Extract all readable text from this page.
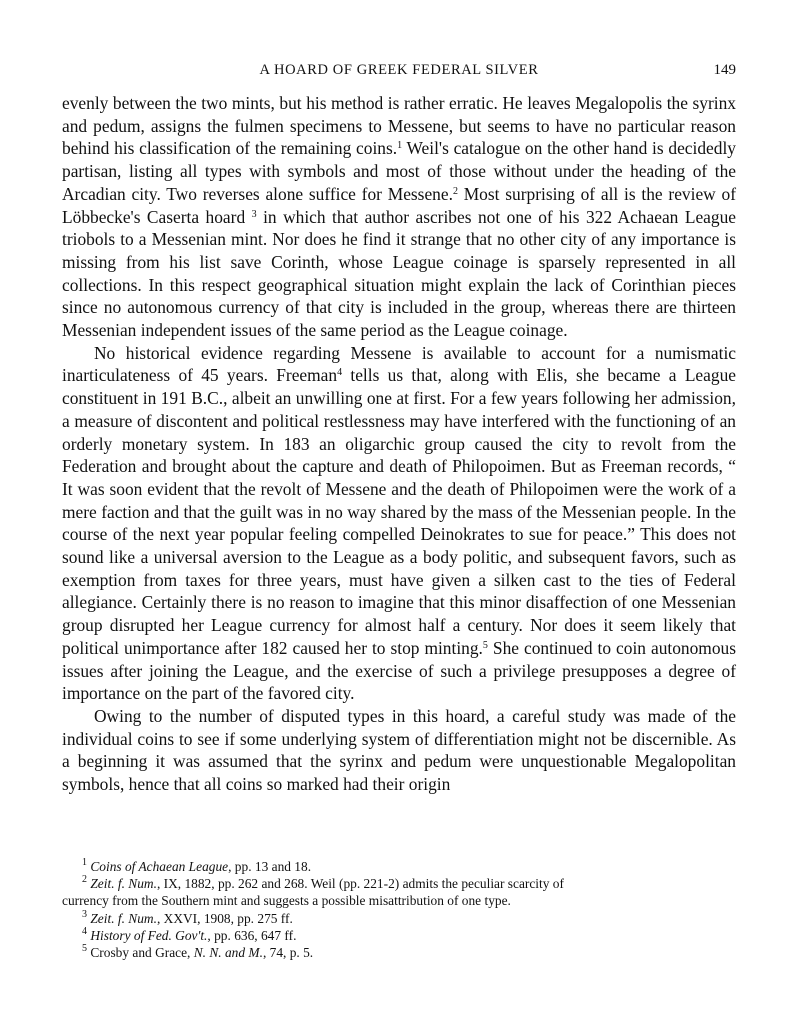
A HOARD OF GREEK FEDERAL SILVER	149

evenly between the two mints, but his method is rather erratic. He leaves Megalopolis the syrinx and pedum, assigns the fulmen specimens to Messene, but seems to have no particular reason behind his classification of the remaining coins.$^1$ Weil's catalogue on the other hand is decidedly partisan, listing all types with symbols and most of those without under the heading of the Arcadian city. Two reverses alone suffice for Messene.$^2$ Most surprising of all is the review of Löbbecke's Caserta hoard $^3$ in which that author ascribes not one of his 322 Achaean League triobols to a Messenian mint. Nor does he find it strange that no other city of any importance is missing from his list save Corinth, whose League coinage is sparsely represented in all collections. In this respect geographical situation might explain the lack of Corinthian pieces since no autonomous currency of that city is included in the group, whereas there are thirteen Messenian independent issues of the same period as the League coinage.

No historical evidence regarding Messene is available to account for a numismatic inarticulateness of 45 years. Freeman$^4$ tells us that, along with Elis, she became a League constituent in 191 B.C., albeit an unwilling one at first. For a few years following her admission, a measure of discontent and political restlessness may have interfered with the functioning of an orderly monetary system. In 183 an oligarchic group caused the city to revolt from the Federation and brought about the capture and death of Philopoimen. But as Freeman records, “ It was soon evident that the revolt of Messene and the death of Philopoimen were the work of a mere faction and that the guilt was in no way shared by the mass of the Messenian people. In the course of the next year popular feeling compelled Deinokrates to sue for peace.” This does not sound like a universal aversion to the League as a body politic, and subsequent favors, such as exemption from taxes for three years, must have given a silken cast to the ties of Federal allegiance. Certainly there is no reason to imagine that this minor disaffection of one Messenian group disrupted her League currency for almost half a century. Nor does it seem likely that political unimportance after 182 caused her to stop minting.$^5$ She continued to coin autonomous issues after joining the League, and the exercise of such a privilege presupposes a degree of importance on the part of the favored city.

Owing to the number of disputed types in this hoard, a careful study was made of the individual coins to see if some underlying system of differentiation might not be discernible. As a beginning it was assumed that the syrinx and pedum were unquestionable Megalopolitan symbols, hence that all coins so marked had their origin

$^1$ Coins of Achaean League, pp. 13 and 18.

$^2$ Zeit. f. Num., IX, 1882, pp. 262 and 268. Weil (pp. 221-2) admits the peculiar scarcity of
currency from the Southern mint and suggests a possible misattribution of one type.

$^3$ Zeit. f. Num., XXVI, 1908, pp. 275 ff.

$^4$ History of Fed. Gov't., pp. 636, 647 ff.

$^5$ Crosby and Grace, N. N. and M., 74, p. 5.
